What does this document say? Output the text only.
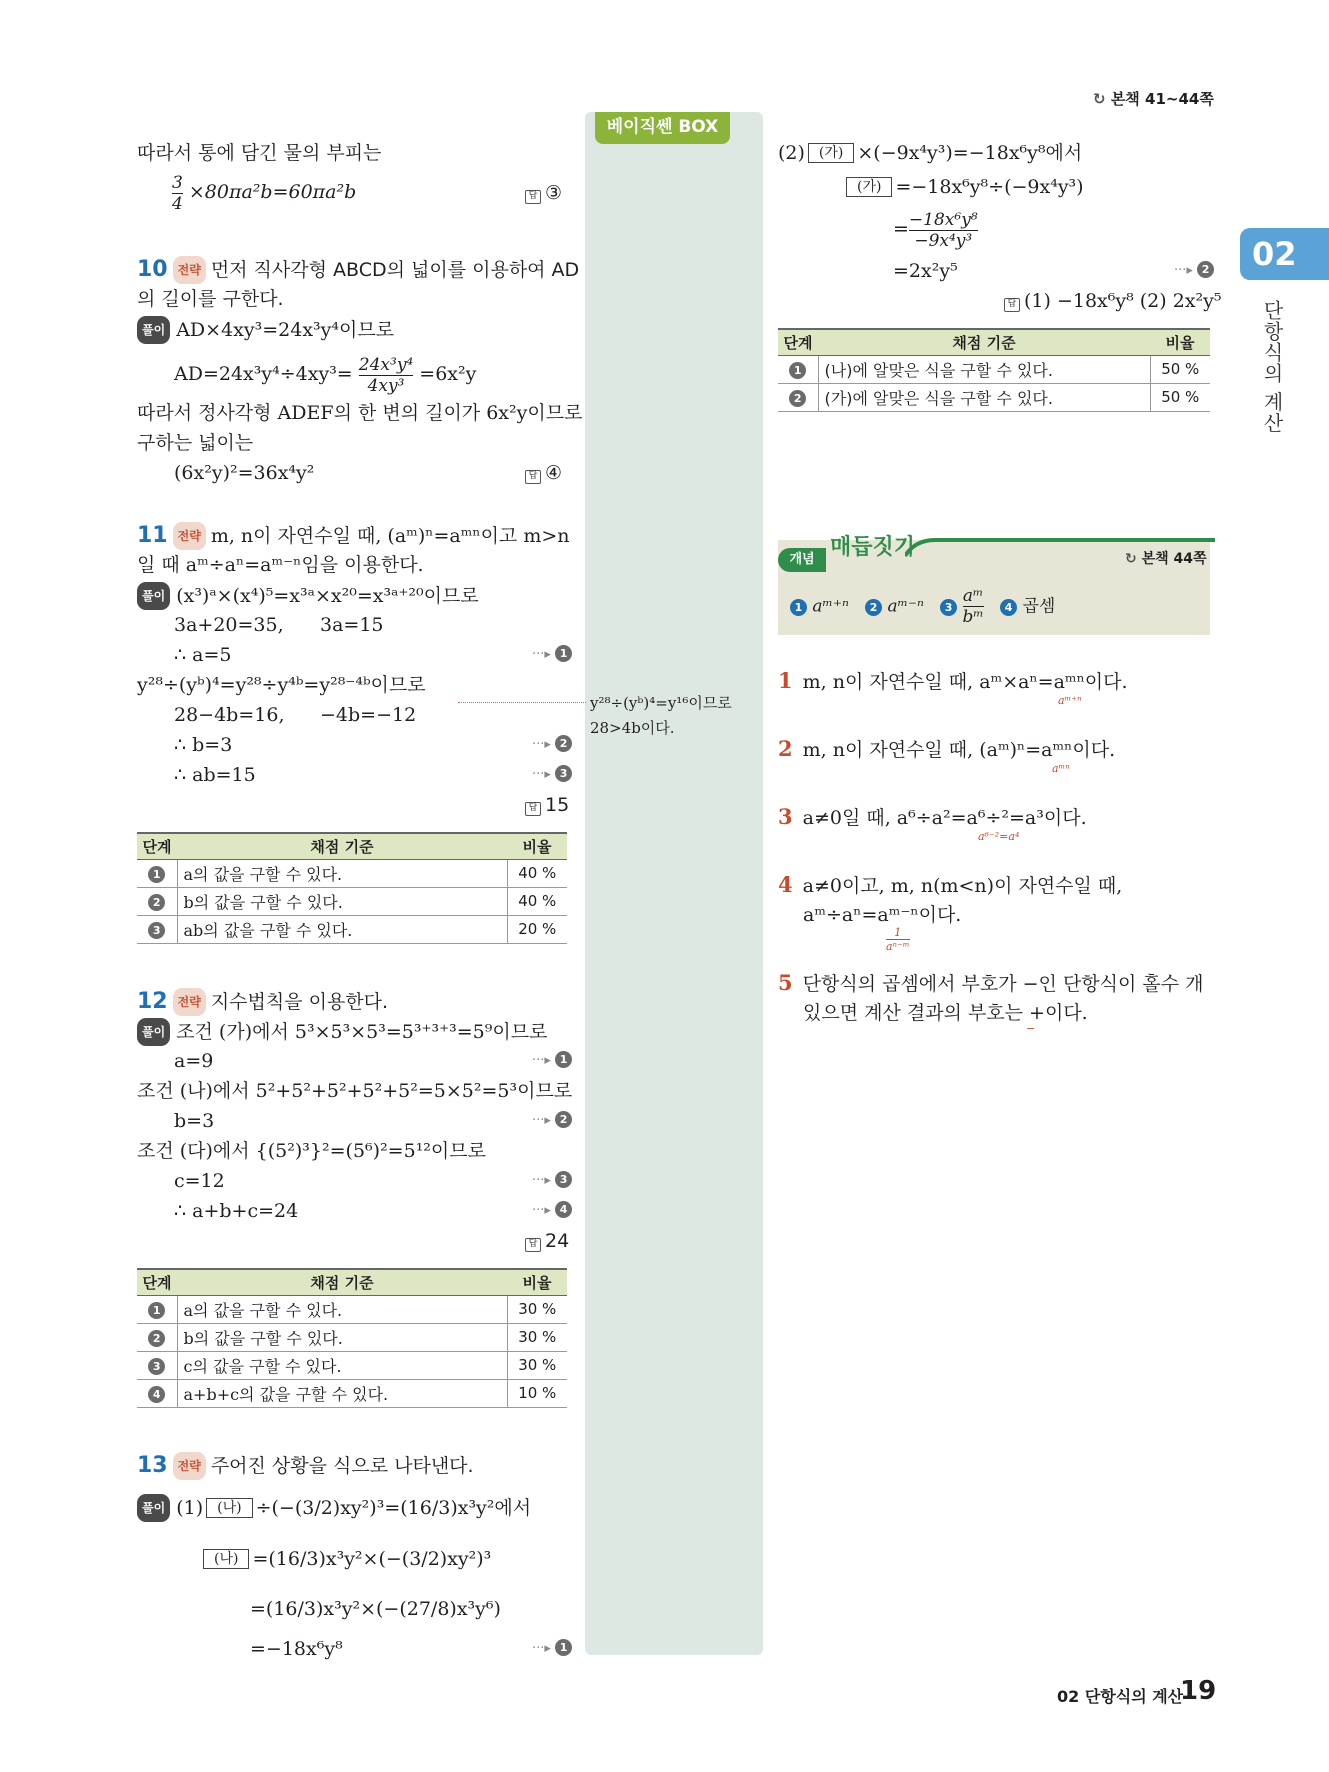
↻ 본책 41~44쪽
02
단항식의 계산
베이직쎈 BOX
y²⁸÷(yᵇ)⁴=y¹⁶이므로
28>4b이다.
따라서 통에 담긴 물의 부피는
$\frac{3}{4} \times 80\pi a^2b=60\pi a^2b$	답 ③
10 전략 먼저 직사각형 ABCD의 넓이를 이용하여 AD
의 길이를 구한다.
풀이 AD×4xy³=24x³y⁴이므로
$AD=24x^3y^4\div 4xy^3= \frac{\text{24x³y⁴}}{\text{4xy³}} =6x^2y$
따라서 정사각형 ADEF의 한 변의 길이가 6x²y이므로
구하는 넓이는
(6x²y)²=36x⁴y²	답 ④
11 전략 m, n이 자연수일 때, (aᵐ)ⁿ=aᵐⁿ이고 m>n
일 때 aᵐ÷aⁿ=aᵐ⁻ⁿ임을 이용한다.
풀이 (x³)ᵃ×(x⁴)⁵=x³ᵃ×x²⁰=x³ᵃ⁺²⁰이므로
3a+20=35, 3a=15
∴ a=5	···▸ 1
y²⁸÷(yᵇ)⁴=y²⁸÷y⁴ᵇ=y²⁸⁻⁴ᵇ이므로
28−4b=16, −4b=−12
∴ b=3	···▸ 2
∴ ab=15	···▸ 3
답 15
단계	채점 기준	비율
1	a의 값을 구할 수 있다.	40 %
2	b의 값을 구할 수 있다.	40 %
3	ab의 값을 구할 수 있다.	20 %
12 전략 지수법칙을 이용한다.
풀이 조건 (가)에서 5³×5³×5³=5³⁺³⁺³=5⁹이므로
a=9	···▸ 1
조건 (나)에서 5²+5²+5²+5²+5²=5×5²=5³이므로
b=3	···▸ 2
조건 (다)에서 {(5²)³}²=(5⁶)²=5¹²이므로
c=12	···▸ 3
∴ a+b+c=24	···▸ 4
답 24
단계	채점 기준	비율
1	a의 값을 구할 수 있다.	30 %
2	b의 값을 구할 수 있다.	30 %
3	c의 값을 구할 수 있다.	30 %
4	a+b+c의 값을 구할 수 있다.	10 %
13 전략 주어진 상황을 식으로 나타낸다.
풀이 (1) (나) ÷(−(3/2)xy²)³=(16/3)x³y²에서
(나) =(16/3)x³y²×(−(3/2)xy²)³
=(16/3)x³y²×(−(27/8)x³y⁶)
=−18x⁶y⁸	···▸ 1
(2) (가) ×(−9x⁴y³)=−18x⁶y⁸에서
(가) =−18x⁶y⁸÷(−9x⁴y³)
= $\frac{\text{−18x⁶y⁸}}{\text{−9x⁴y³}}$
=2x²y⁵	···▸ 2
답 (1) −18x⁶y⁸ (2) 2x²y⁵
단계	채점 기준	비율
1	(나)에 알맞은 식을 구할 수 있다.	50 %
2	(가)에 알맞은 식을 구할 수 있다.	50 %
개념 매듭짓기	↻ 본책 44쪽
1 aᵐ⁺ⁿ 2 aᵐ⁻ⁿ $3 \frac{\text{aᵐ}}{\text{bᵐ}} 4$ 곱셈
1 m, n이 자연수일 때, aᵐ×aⁿ=aᵐⁿ이다.
aᵐ⁺ⁿ
2 m, n이 자연수일 때, (aᵐ)ⁿ=aᵐⁿ이다.
aᵐⁿ
3 a≠0일 때, a⁶÷a²=a⁶÷²=a³이다.
a⁶⁻²=a⁴
4 a≠0이고, m, n(m<n)이 자연수일 때,
aᵐ÷aⁿ=aᵐ⁻ⁿ이다.
1
aⁿ⁻ᵐ
5 단항식의 곱셈에서 부호가 −인 단항식이 홀수 개
있으면 계산 결과의 부호는 +이다.
−
02 단항식의 계산
19
